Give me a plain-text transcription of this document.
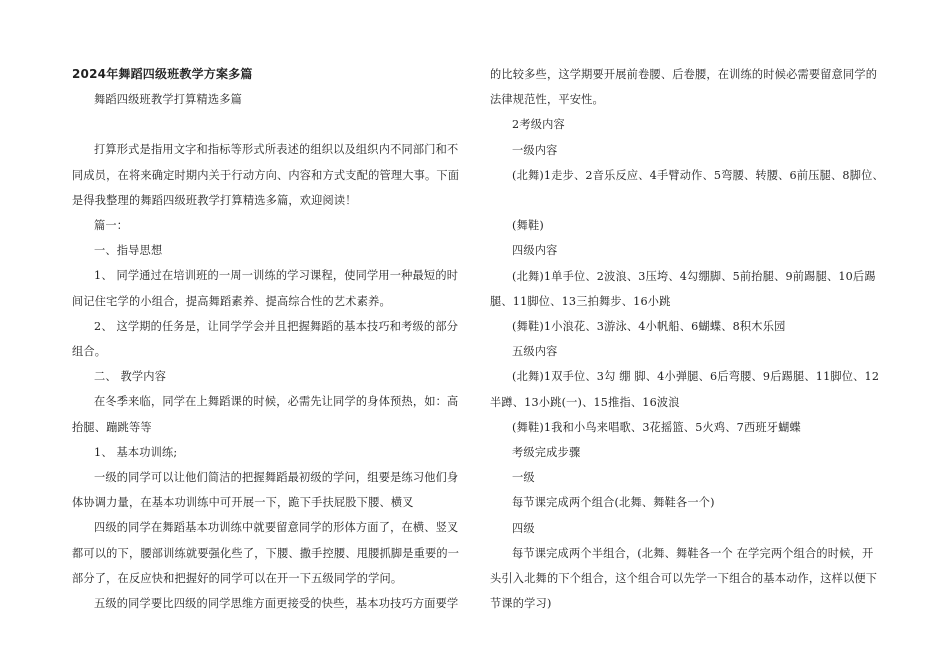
2024年舞蹈四级班教学方案多篇
舞蹈四级班教学打算精选多篇
打算形式是指用文字和指标等形式所表述的组织以及组织内不同部门和不
同成员，在将来确定时期内关于行动方向、内容和方式支配的管理大事。下面
是得我整理的舞蹈四级班教学打算精选多篇，欢迎阅读！
篇一：
一、指导思想
1、 同学通过在培训班的一周一训练的学习课程，使同学用一种最短的时
间记住宅学的小组合，提高舞蹈素养、提高综合性的艺术素养。
2、 这学期的任务是，让同学学会并且把握舞蹈的基本技巧和考级的部分
组合。
二、 教学内容
在冬季来临，同学在上舞蹈课的时候，必需先让同学的身体预热，如：高
抬腿、蹦跳等等
1、 基本功训练;
一级的同学可以让他们简洁的把握舞蹈最初级的学问，组要是练习他们身
体协调力量，在基本功训练中可开展一下，跪下手扶屁股下腰、横叉
四级的同学在舞蹈基本功训练中就要留意同学的形体方面了，在横、竖叉
都可以的下，腰部训练就要强化些了，下腰、撒手控腰、甩腰抓脚是重要的一
部分了，在反应快和把握好的同学可以在开一下五级同学的学问。
五级的同学要比四级的同学思维方面更接受的快些，基本功技巧方面要学
的比较多些，这学期要开展前卷腰、后卷腰，在训练的时候必需要留意同学的
法律规范性，平安性。
2考级内容
一级内容
(北舞)1走步、2音乐反应、4手臂动作、5弯腰、转腰、6前压腿、8脚位、
(舞鞋)
四级内容
(北舞)1单手位、2波浪、3压垮、4勾绷脚、5前抬腿、9前踢腿、10后踢
腿、11脚位、13三拍舞步、16小跳
(舞鞋)1小浪花、3游泳、4小帆船、6蝴蝶、8积木乐园
五级内容
(北舞)1双手位、3勾 绷 脚、4小弹腿、6后弯腰、9后踢腿、11脚位、12
半蹲、13小跳(一)、15推指、16波浪
(舞鞋)1我和小鸟来唱歌、3花摇篮、5火鸡、7西班牙蝴蝶
考级完成步骤
一级
每节课完成两个组合(北舞、舞鞋各一个)
四级
每节课完成两个半组合，(北舞、舞鞋各一个 在学完两个组合的时候，开
头引入北舞的下个组合，这个组合可以先学一下组合的基本动作，这样以便下
节课的学习)
